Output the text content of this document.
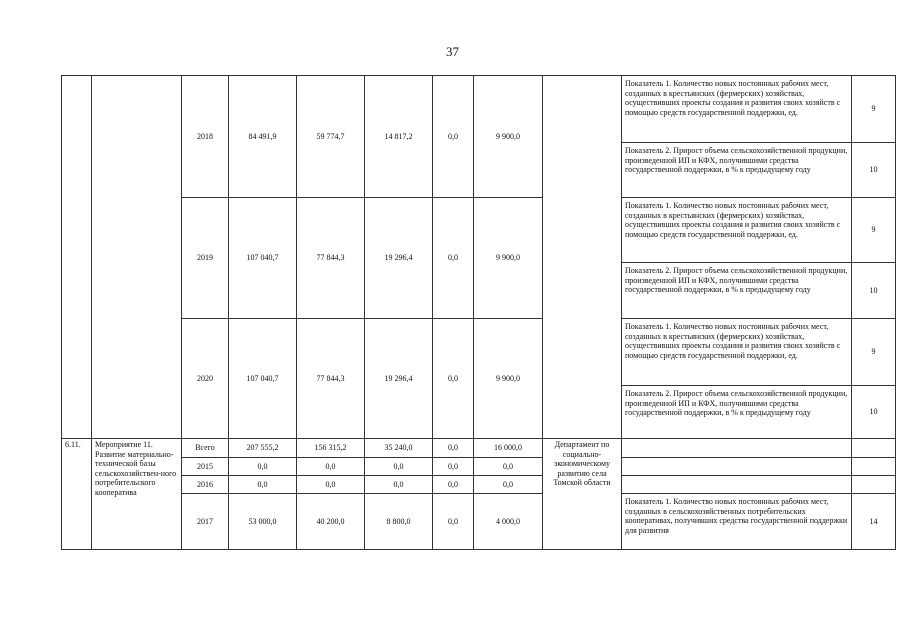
37
		2018	84 491,9	59 774,7	14 817,2	0,0	9 900,0		Показатель 1. Количество новых постоянных рабочих мест, созданных в крестьянских (фермерских) хозяйствах, осуществивших проекты создания и развития своих хозяйств с помощью средств государственной поддержки, ед.	9
									Показатель 2. Прирост объема сельскохозяйственной продукции, произведенной ИП и КФХ, получившими средства государственной поддержки, в % к предыдущему году	10
		2019	107 040,7	77 844,3	19 296,4	0,0	9 900,0		Показатель 1. Количество новых постоянных рабочих мест, созданных в крестьянских (фермерских) хозяйствах, осуществивших проекты создания и развития своих хозяйств с помощью средств государственной поддержки, ед.	9
									Показатель 2. Прирост объема сельскохозяйственной продукции, произведенной ИП и КФХ, получившими средства государственной поддержки, в % к предыдущему году	10
		2020	107 040,7	77 844,3	19 296,4	0,0	9 900,0		Показатель 1. Количество новых постоянных рабочих мест, созданных в крестьянских (фермерских) хозяйствах, осуществивших проекты создания и развития своих хозяйств с помощью средств государственной поддержки, ед.	9
									Показатель 2. Прирост объема сельскохозяйственной продукции, произведенной ИП и КФХ, получившими средства государственной поддержки, в % к предыдущему году	10
6.11.	Мероприятие 11. Развитие материально-технической базы сельскохозяйствен-ного потребительского кооператива	Всего	207 555,2	156 315,2	35 240,0	0,0	16 000,0	Департамент по социально-экономическому развитию села Томской области		
		2015	0,0	0,0	0,0	0,0	0,0			
		2016	0,0	0,0	0,0	0,0	0,0			
		2017	53 000,0	40 200,0	8 800,0	0,0	4 000,0		Показатель 1. Количество новых постоянных рабочих мест, созданных в сельскохозяйственных потребительских кооперативах, получивших средства государственной поддержки для развития	14
